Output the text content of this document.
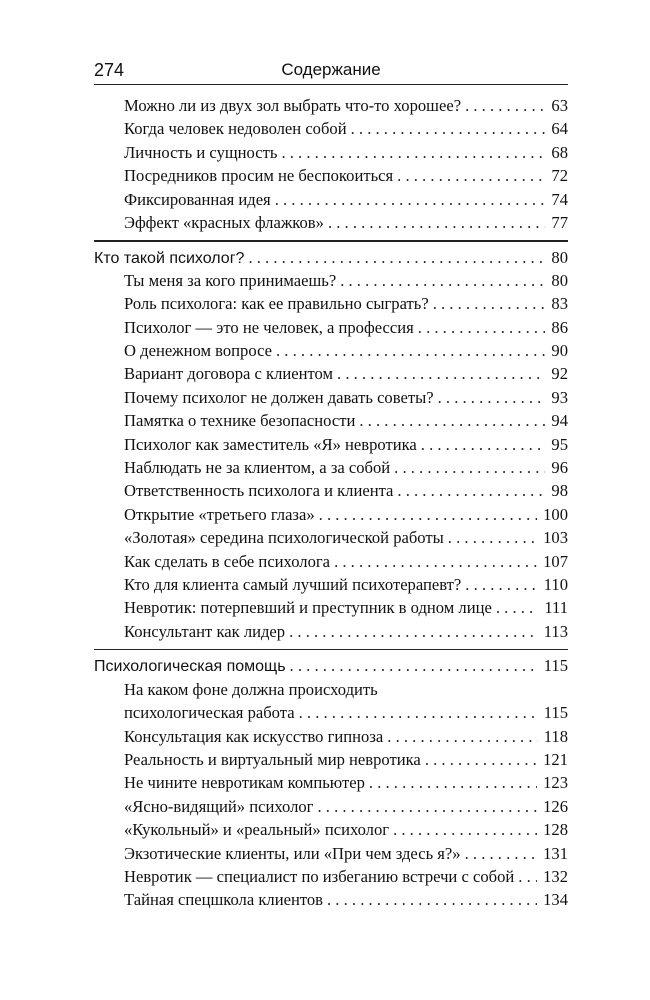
274	Содержание
Можно ли из двух зол выбрать что-то хорошее? . . .	63
Когда человек недоволен собой . . .	64
Личность и сущность . . .	68
Посредников просим не беспокоиться . . .	72
Фиксированная идея . . .	74
Эффект «красных флажков» . . .	77
Кто такой психолог? . . .	80
Ты меня за кого принимаешь? . . .	80
Роль психолога: как ее правильно сыграть? . . .	83
Психолог — это не человек, а профессия . . .	86
О денежном вопросе . . .	90
Вариант договора с клиентом . . .	92
Почему психолог не должен давать советы? . . .	93
Памятка о технике безопасности . . .	94
Психолог как заместитель «Я» невротика . . .	95
Наблюдать не за клиентом, а за собой . . .	96
Ответственность психолога и клиента . . .	98
Открытие «третьего глаза» . . .	100
«Золотая» середина психологической работы . . .	103
Как сделать в себе психолога . . .	107
Кто для клиента самый лучший психотерапевт? . . .	110
Невротик: потерпевший и преступник в одном лице . . .	111
Консультант как лидер . . .	113
Психологическая помощь . . .	115
На каком фоне должна происходить
психологическая работа . . .	115
Консультация как искусство гипноза . . .	118
Реальность и виртуальный мир невротика . . .	121
Не чините невротикам компьютер . . .	123
«Ясно-видящий» психолог . . .	126
«Кукольный» и «реальный» психолог . . .	128
Экзотические клиенты, или «При чем здесь я?» . . .	131
Невротик — специалист по избеганию встречи с собой . . . 132
Тайная спецшкола клиентов . . .	134
